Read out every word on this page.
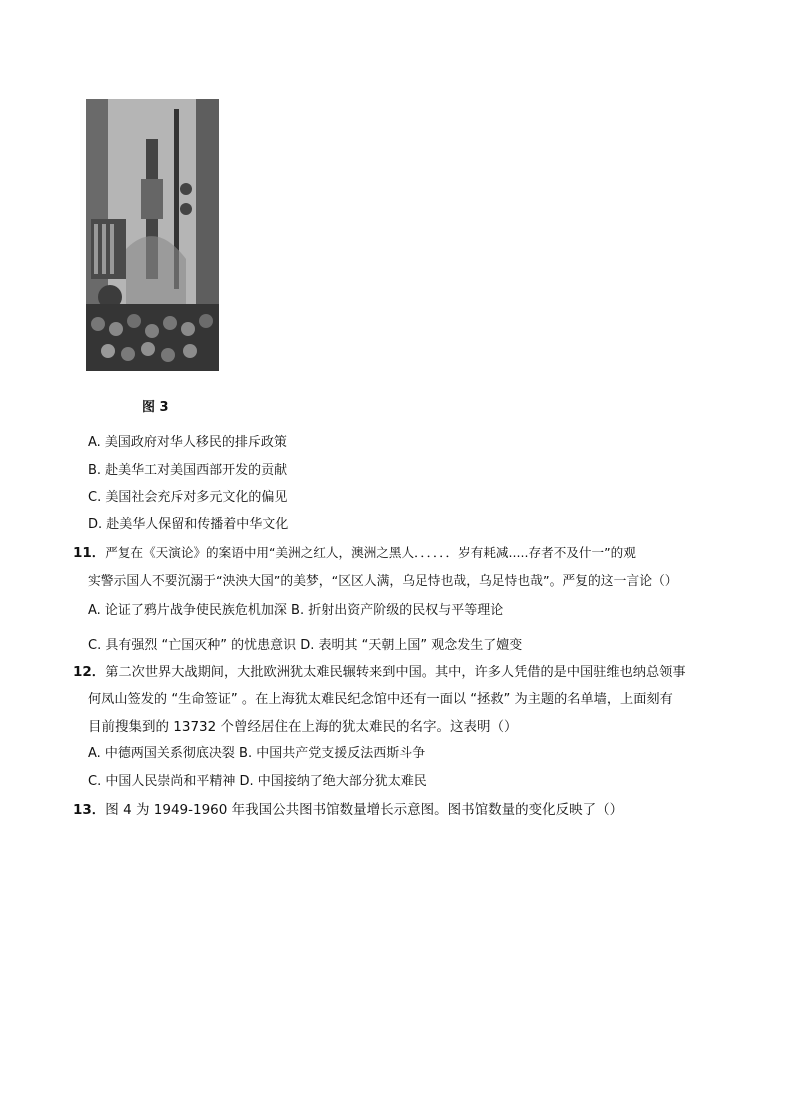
图 3
A. 美国政府对华人移民的排斥政策
B. 赴美华工对美国西部开发的贡献
C. 美国社会充斥对多元文化的偏见
D. 赴美华人保留和传播着中华文化
11．严复在《天演论》的案语中用“美洲之红人，澳洲之黑人．．．．．．岁有耗减.....存者不及什一”的观
实警示国人不要沉溺于“泱泱大国”的美梦，“区区人满，乌足恃也哉，乌足恃也哉”。严复的这一言论（）
A. 论证了鸦片战争使民族危机加深 B. 折射出资产阶级的民权与平等理论
C. 具有强烈 “亡国灭种” 的忧患意识 D. 表明其 “天朝上国” 观念发生了嬗变
12．第二次世界大战期间，大批欧洲犹太难民辗转来到中国。其中，许多人凭借的是中国驻维也纳总领事
何凤山签发的 “生命签证” 。在上海犹太难民纪念馆中还有一面以 “拯救” 为主题的名单墙，上面刻有
目前搜集到的 13732 个曾经居住在上海的犹太难民的名字。这表明（）
A. 中德两国关系彻底决裂 B. 中国共产党支援反法西斯斗争
C. 中国人民崇尚和平精神 D. 中国接纳了绝大部分犹太难民
13．图 4 为 1949-1960 年我国公共图书馆数量增长示意图。图书馆数量的变化反映了（）
